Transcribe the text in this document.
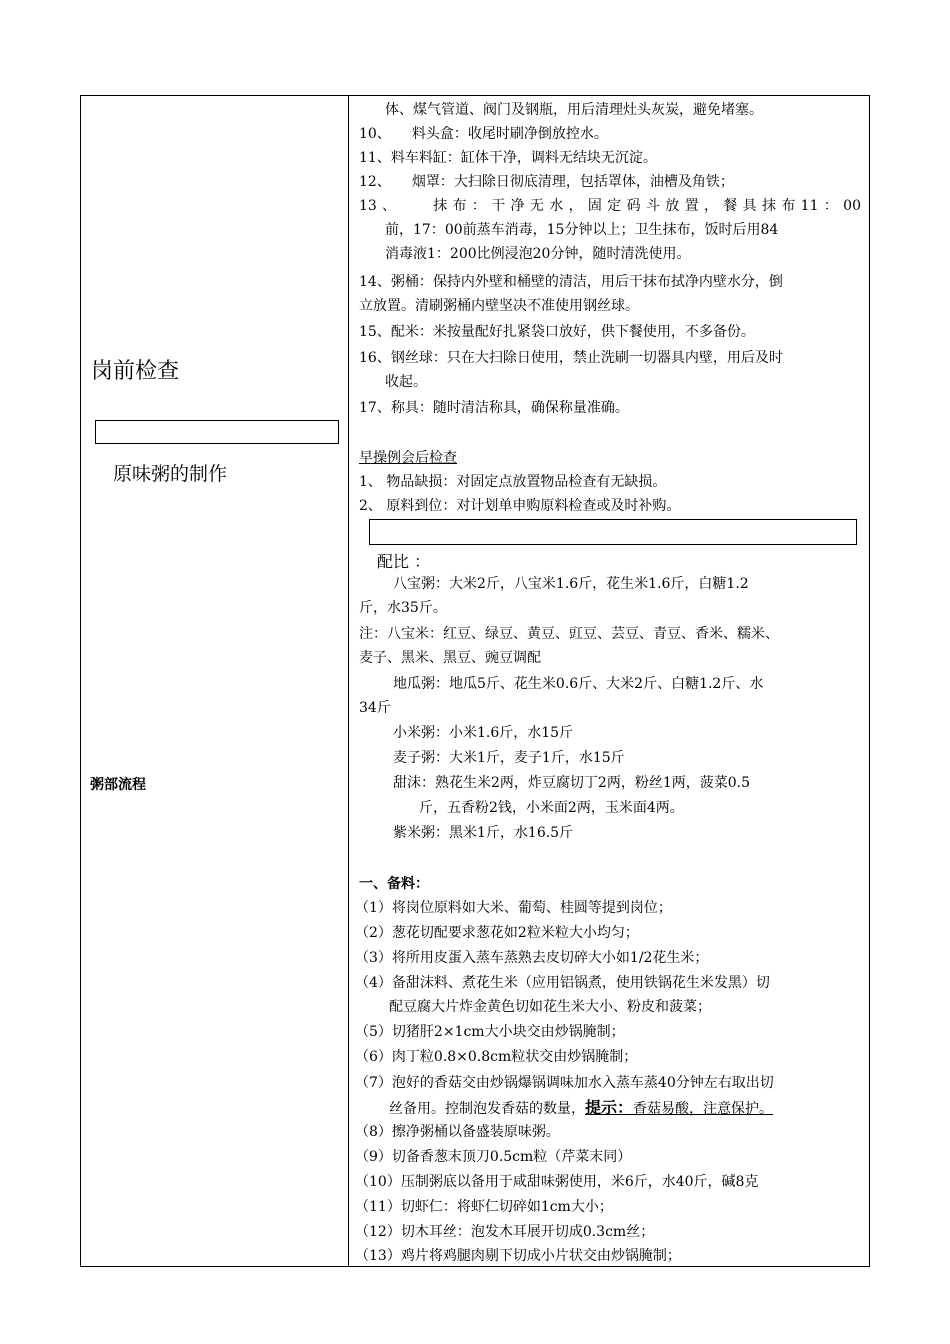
岗前检查
原味粥的制作
粥部流程
体、煤气管道、阀门及钢瓶，用后清理灶头灰炭，避免堵塞。
10、　　料头盒：收尾时刷净倒放控水。
11、料车料缸：缸体干净，调料无结块无沉淀。
12、　　烟罩：大扫除日彻底清理，包括罩体，油槽及角铁；
13、　　抹布：干净无水，固定码斗放置，餐具抹布11：00
前，17：00前蒸车消毒，15分钟以上；卫生抹布，饭时后用84
消毒液1：200比例浸泡20分钟，随时清洗使用。
14、粥桶：保持内外壁和桶壁的清洁，用后干抹布拭净内壁水分，倒
立放置。清刷粥桶内壁坚决不准使用钢丝球。
15、配米：米按量配好扎紧袋口放好，供下餐使用，不多备份。
16、钢丝球：只在大扫除日使用，禁止洗刷一切器具内壁，用后及时
收起。
17、称具：随时清洁称具，确保称量准确。
早操例会后检查
1、 物品缺损：对固定点放置物品检查有无缺损。
2、 原料到位：对计划单申购原料检查或及时补购。
配比 ：
八宝粥：大米2斤，八宝米1.6斤，花生米1.6斤，白糖1.2
斤，水35斤。
注：八宝米：红豆、绿豆、黄豆、豇豆、芸豆、青豆、香米、糯米、
麦子、黑米、黑豆、豌豆调配
地瓜粥：地瓜5斤、花生米0.6斤、大米2斤、白糖1.2斤、水
34斤
小米粥：小米1.6斤，水15斤
麦子粥：大米1斤，麦子1斤，水15斤
甜沫：熟花生米2两，炸豆腐切丁2两，粉丝1两，菠菜0.5
斤，五香粉2钱，小米面2两，玉米面4两。
紫米粥：黑米1斤，水16.5斤
一、备料：
（1）将岗位原料如大米、葡萄、桂圆等提到岗位；
（2）葱花切配要求葱花如2粒米粒大小均匀；
（3）将所用皮蛋入蒸车蒸熟去皮切碎大小如1/2花生米；
（4）备甜沫料、煮花生米（应用铝锅煮，使用铁锅花生米发黑）切
配豆腐大片炸金黄色切如花生米大小、粉皮和菠菜；
（5）切猪肝2×1cm大小块交由炒锅腌制；
（6）肉丁粒0.8×0.8cm粒状交由炒锅腌制；
（7）泡好的香菇交由炒锅爆锅调味加水入蒸车蒸40分钟左右取出切
丝备用。控制泡发香菇的数量，提示：香菇易酸，注意保护。
（8）擦净粥桶以备盛装原味粥。
（9）切备香葱末顶刀0.5cm粒（芹菜末同）
（10）压制粥底以备用于咸甜味粥使用，米6斤，水40斤，碱8克
（11）切虾仁：将虾仁切碎如1cm大小；
（12）切木耳丝：泡发木耳展开切成0.3cm丝；
（13）鸡片将鸡腿肉剔下切成小片状交由炒锅腌制；
